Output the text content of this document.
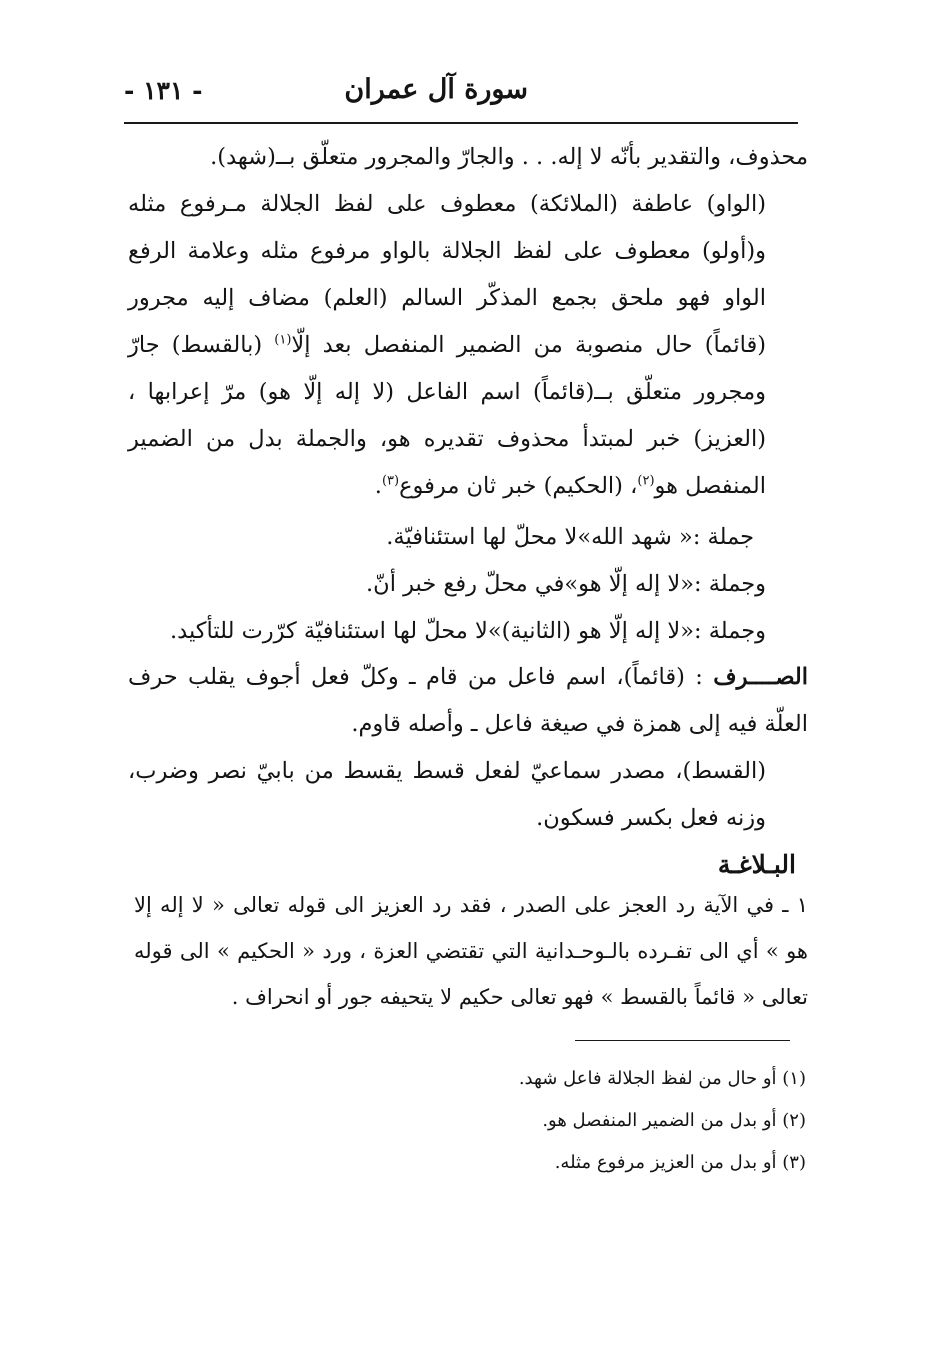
سورة آل عمران
- ١٣١ -

محذوف، والتقدير بأنّه لا إله. . . والجارّ والمجرور متعلّق بــ(شهد).

(الواو) عاطفة (الملائكة) معطوف على لفظ الجلالة مـرفوع مثله و(أولو) معطوف على لفظ الجلالة بالواو مرفوع مثله وعلامة الرفع الواو فهو ملحق بجمع المذكّر السالم (العلم) مضاف إليه مجرور (قائماً) حال منصوبة من الضمير المنفصل بعد إلّا$^{(١)}$ (بالقسط) جارّ ومجرور متعلّق بــ(قائماً) اسم الفاعل (لا إله إلّا هو) مرّ إعرابها ، (العزيز) خبر لمبتدأ محذوف تقديره هو، والجملة بدل من الضمير المنفصل هو$^{(٢)}$، (الحكيم) خبر ثان مرفوع$^{(٣)}$.

جملة :« شهد الله»لا محلّ لها استئنافيّة.

وجملة :«لا إله إلّا هو»في محلّ رفع خبر أنّ.

وجملة :«لا إله إلّا هو (الثانية)»لا محلّ لها استئنافيّة كرّرت للتأكيد.

الصــــرف : (قائماً)، اسم فاعل من قام ـ وكلّ فعل أجوف يقلب حرف العلّة فيه إلى همزة في صيغة فاعل ـ وأصله قاوم.

(القسط)، مصدر سماعيّ لفعل قسط يقسط من بابيّ نصر وضرب، وزنه فعل بكسر فسكون.

البـلاغـة
١ ـ في الآية رد العجز على الصدر ، فقد رد العزيز الى قوله تعالى « لا إله إلا هو » أي الى تفـرده بالـوحـدانية التي تقتضي العزة ، ورد « الحكيم » الى قوله تعالى « قائماً بالقسط » فهو تعالى حكيم لا يتحيفه جور أو انحراف .

(١) أو حال من لفظ الجلالة فاعل شهد.

(٢) أو بدل من الضمير المنفصل هو.

(٣) أو بدل من العزيز مرفوع مثله.
